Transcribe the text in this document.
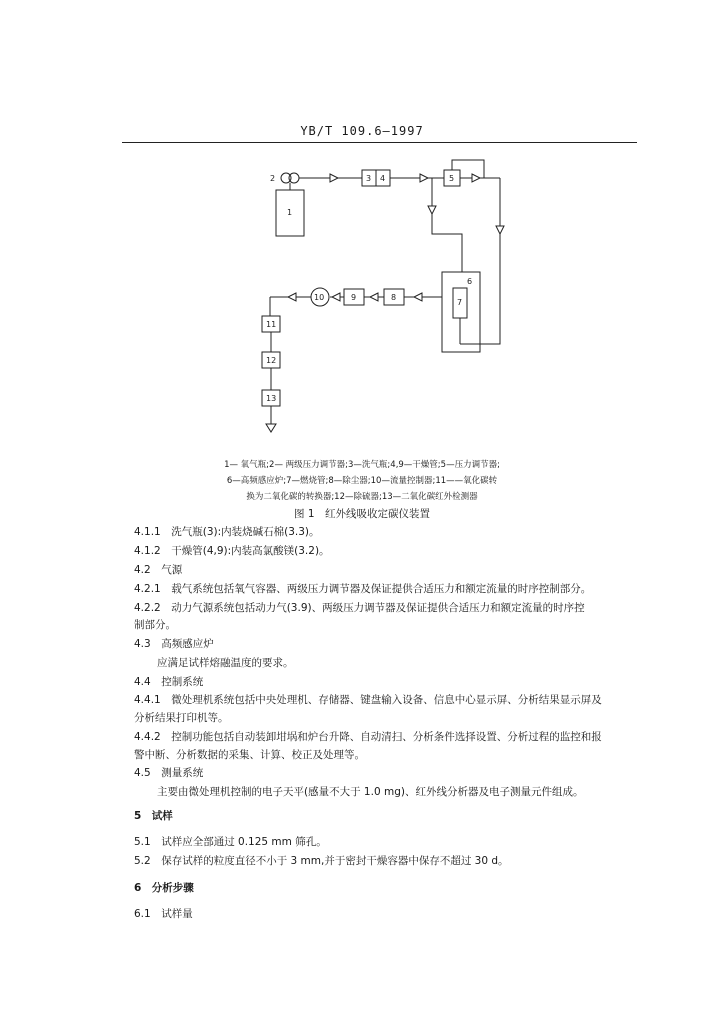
YB/T 109.6—1997
1
2	3 4	5
6
7
8
9
10
11
12
13
1— 氧气瓶;2— 两级压力调节器;3—洗气瓶;4,9—干燥管;5—压力调节器;
6—高频感应炉;7—燃烧管;8—除尘器;10—流量控制器;11——氧化碳转
换为二氧化碳的转换器;12—除硫器;13—二氧化碳红外检测器
图 1　红外线吸收定碳仪装置
4.1.1　洗气瓶(3):内装烧碱石棉(3.3)。
4.1.2　干燥管(4,9):内装高氯酸镁(3.2)。
4.2　气源
4.2.1　载气系统包括氧气容器、两级压力调节器及保证提供合适压力和额定流量的时序控制部分。
4.2.2　动力气源系统包括动力气(3.9)、两级压力调节器及保证提供合适压力和额定流量的时序控
制部分。
4.3　高频感应炉
应满足试样熔融温度的要求。
4.4　控制系统
4.4.1　微处理机系统包括中央处理机、存储器、键盘输入设备、信息中心显示屏、分析结果显示屏及
分析结果打印机等。
4.4.2　控制功能包括自动装卸坩埚和炉台升降、自动清扫、分析条件选择设置、分析过程的监控和报
警中断、分析数据的采集、计算、校正及处理等。
4.5　测量系统
主要由微处理机控制的电子天平(感量不大于 1.0 mg)、红外线分析器及电子测量元件组成。
5　试样
5.1　试样应全部通过 0.125 mm 筛孔。
5.2　保存试样的粒度直径不小于 3 mm,并于密封干燥容器中保存不超过 30 d。
6　分析步骤
6.1　试样量
